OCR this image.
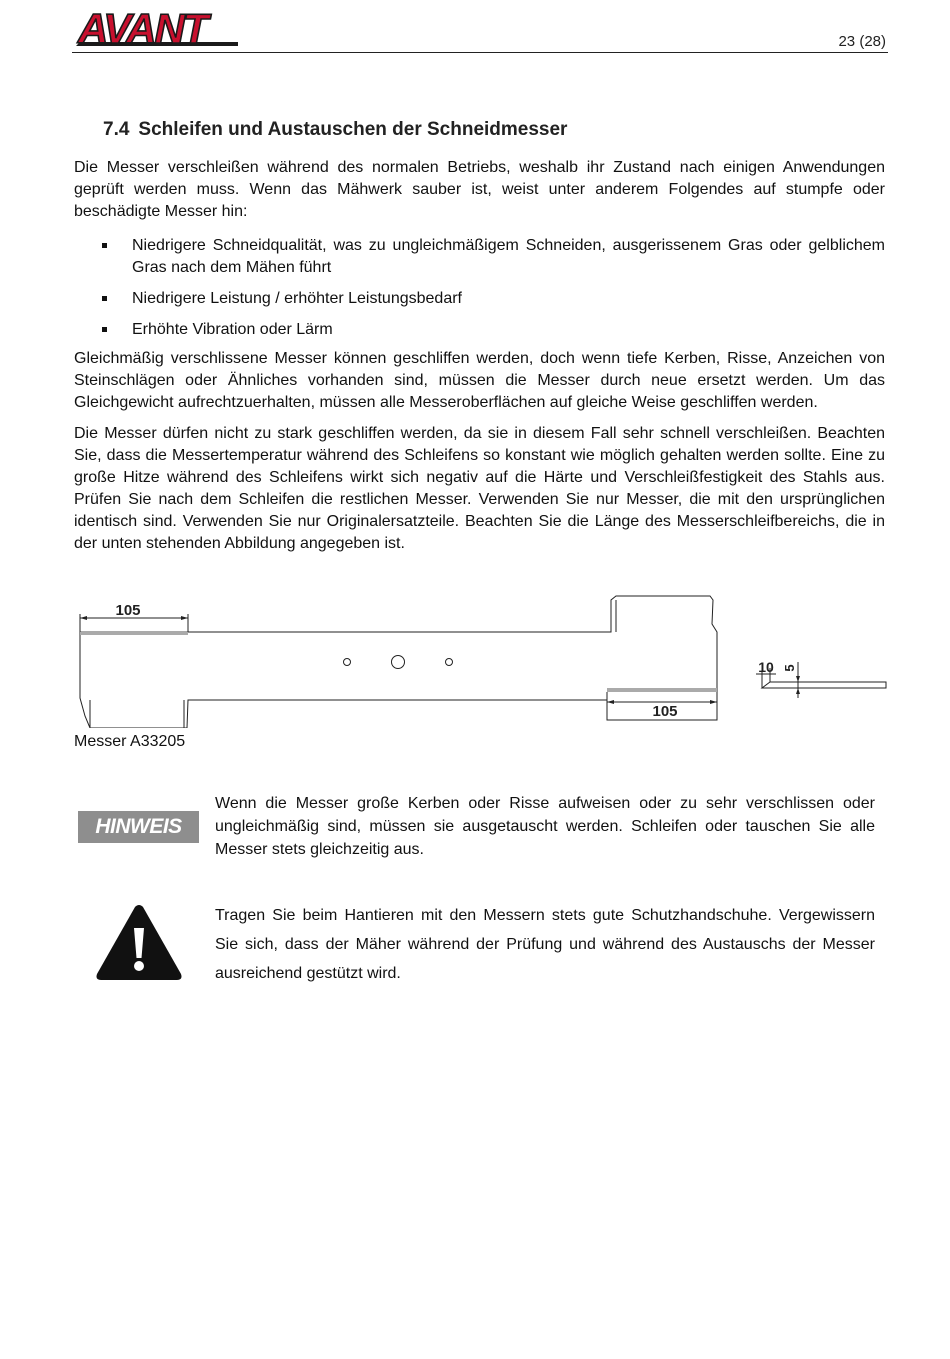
AVANT	23 (28)
7.4 Schleifen und Austauschen der Schneidmesser
Die Messer verschleißen während des normalen Betriebs, weshalb ihr Zustand nach einigen Anwendungen geprüft werden muss. Wenn das Mähwerk sauber ist, weist unter anderem Folgendes auf stumpfe oder beschädigte Messer hin:
Niedrigere Schneidqualität, was zu ungleichmäßigem Schneiden, ausgerissenem Gras oder gelblichem Gras nach dem Mähen führt
Niedrigere Leistung / erhöhter Leistungsbedarf
Erhöhte Vibration oder Lärm
Gleichmäßig verschlissene Messer können geschliffen werden, doch wenn tiefe Kerben, Risse, Anzeichen von Steinschlägen oder Ähnliches vorhanden sind, müssen die Messer durch neue ersetzt werden. Um das Gleichgewicht aufrechtzuerhalten, müssen alle Messeroberflächen auf gleiche Weise geschliffen werden.
Die Messer dürfen nicht zu stark geschliffen werden, da sie in diesem Fall sehr schnell verschleißen. Beachten Sie, dass die Messertemperatur während des Schleifens so konstant wie möglich gehalten werden sollte. Eine zu große Hitze während des Schleifens wirkt sich negativ auf die Härte und Verschleißfestigkeit des Stahls aus. Prüfen Sie nach dem Schleifen die restlichen Messer. Verwenden Sie nur Messer, die mit den ursprünglichen identisch sind. Verwenden Sie nur Originalersatzteile. Beachten Sie die Länge des Messerschleifbereichs, die in der unten stehenden Abbildung angegeben ist.
105
105
10 5
Messer A33205
HINWEIS
Wenn die Messer große Kerben oder Risse aufweisen oder zu sehr verschlissen oder ungleichmäßig sind, müssen sie ausgetauscht werden. Schleifen oder tauschen Sie alle Messer stets gleichzeitig aus.
Tragen Sie beim Hantieren mit den Messern stets gute Schutzhandschuhe. Vergewissern Sie sich, dass der Mäher während der Prüfung und während des Austauschs der Messer ausreichend gestützt wird.
